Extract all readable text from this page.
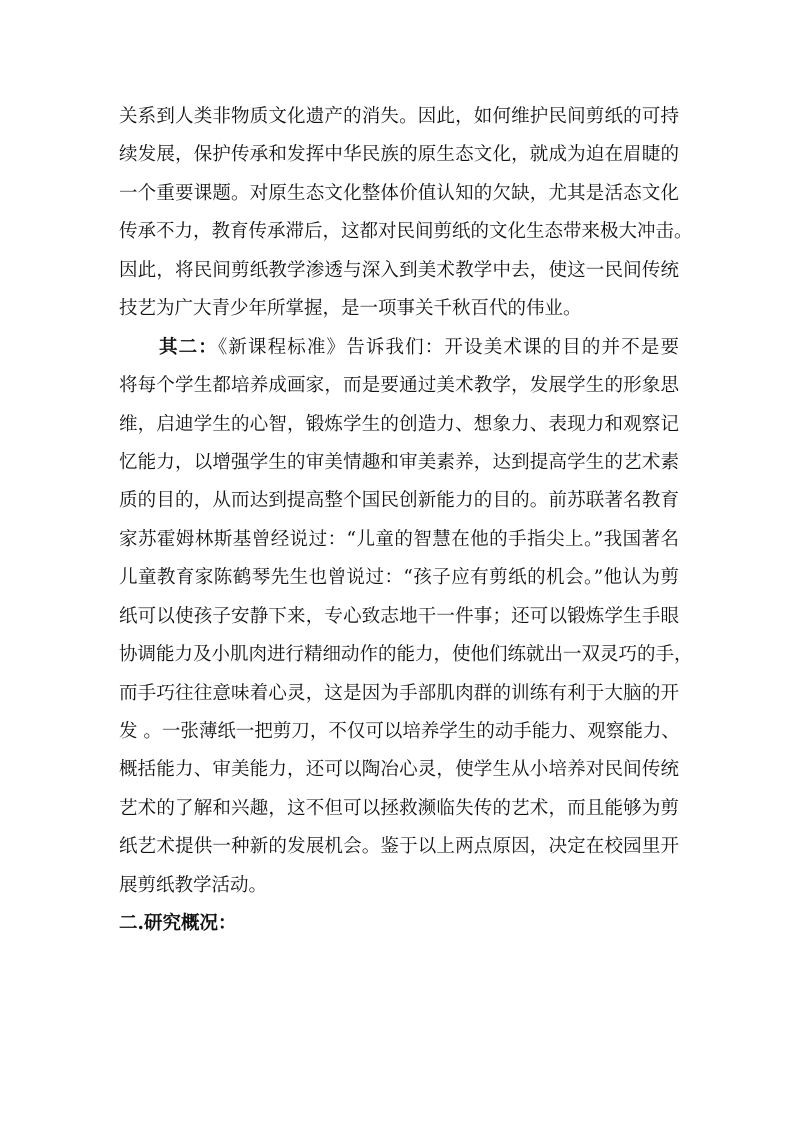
关系到人类非物质文化遗产的消失。因此，如何维护民间剪纸的可持
续发展，保护传承和发挥中华民族的原生态文化，就成为迫在眉睫的
一个重要课题。对原生态文化整体价值认知的欠缺，尤其是活态文化
传承不力，教育传承滞后，这都对民间剪纸的文化生态带来极大冲击。
因此，将民间剪纸教学渗透与深入到美术教学中去，使这一民间传统
技艺为广大青少年所掌握，是一项事关千秋百代的伟业。
其二：《新课程标准》告诉我们：开设美术课的目的并不是要
将每个学生都培养成画家，而是要通过美术教学，发展学生的形象思
维，启迪学生的心智，锻炼学生的创造力、想象力、表现力和观察记
忆能力，以增强学生的审美情趣和审美素养，达到提高学生的艺术素
质的目的，从而达到提高整个国民创新能力的目的。前苏联著名教育
家苏霍姆林斯基曾经说过：“儿童的智慧在他的手指尖上。”我国著名
儿童教育家陈鹤琴先生也曾说过：“孩子应有剪纸的机会。”他认为剪
纸可以使孩子安静下来，专心致志地干一件事；还可以锻炼学生手眼
协调能力及小肌肉进行精细动作的能力，使他们练就出一双灵巧的手，
而手巧往往意味着心灵，这是因为手部肌肉群的训练有利于大脑的开
发 。一张薄纸一把剪刀，不仅可以培养学生的动手能力、观察能力、
概括能力、审美能力，还可以陶冶心灵，使学生从小培养对民间传统
艺术的了解和兴趣，这不但可以拯救濒临失传的艺术，而且能够为剪
纸艺术提供一种新的发展机会。鉴于以上两点原因，决定在校园里开
展剪纸教学活动。
二.研究概况：
